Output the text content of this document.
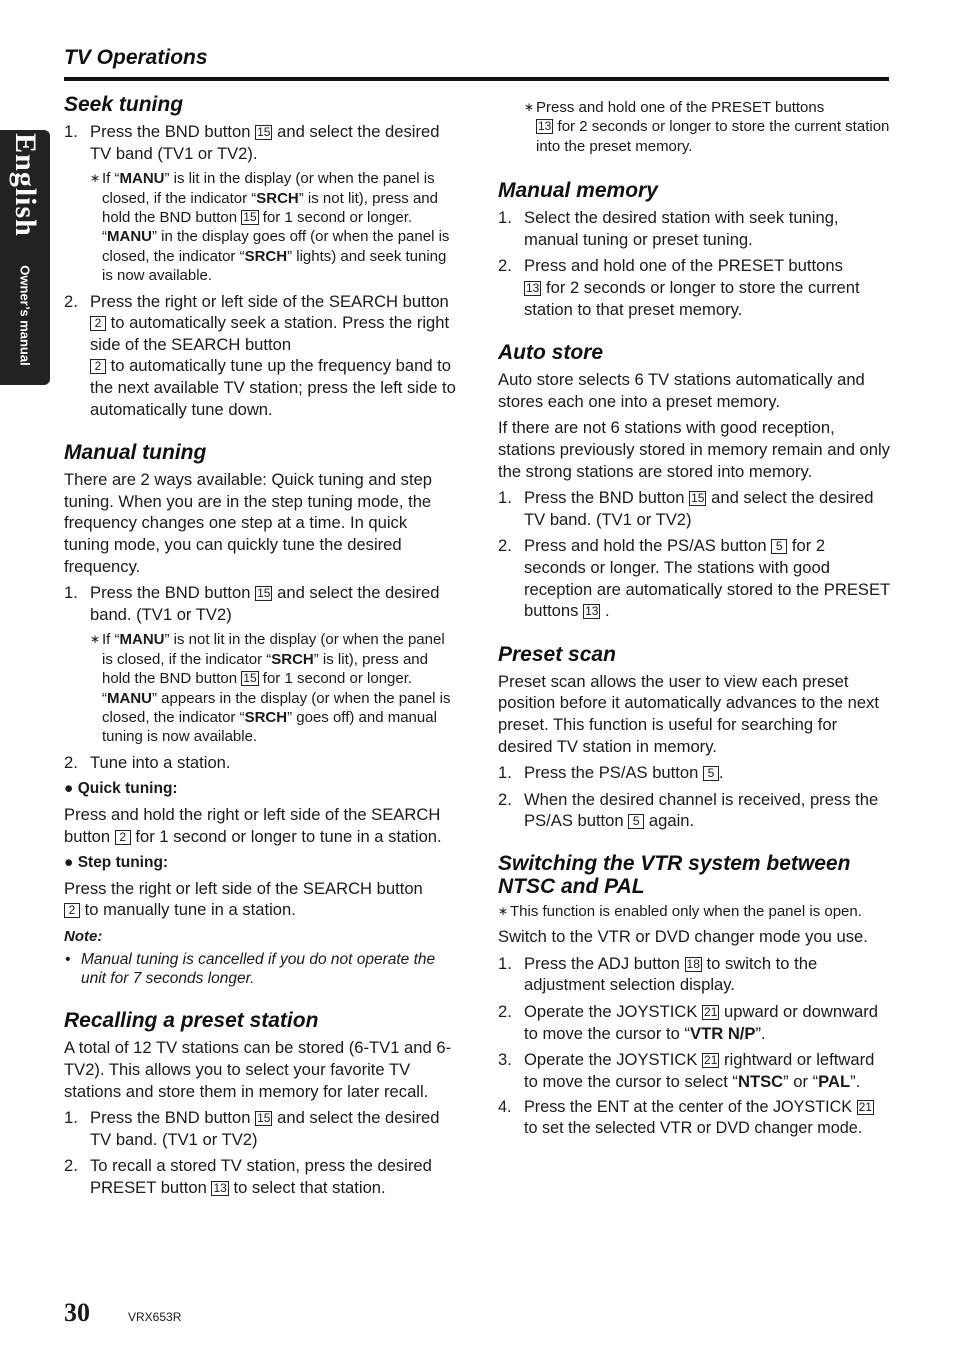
English
Owner’s manual
TV Operations
Seek tuning
1. Press the BND button 15 and select the desired TV band (TV1 or TV2).
∗ If “MANU” is lit in the display (or when the panel is closed, if the indicator “SRCH” is not lit), press and hold the BND button 15 for 1 second or longer. “MANU” in the display goes off (or when the panel is closed, the indicator “SRCH” lights) and seek tuning is now available.
2. Press the right or left side of the SEARCH button 2 to automatically seek a station. Press the right side of the SEARCH button
2 to automatically tune up the frequency band to the next available TV station; press the left side to automatically tune down.
Manual tuning

There are 2 ways available: Quick tuning and step tuning. When you are in the step tuning mode, the frequency changes one step at a time. In quick tuning mode, you can quickly tune the desired frequency.

1. Press the BND button 15 and select the desired band. (TV1 or TV2)
∗ If “MANU” is not lit in the display (or when the panel is closed, if the indicator “SRCH” is lit), press and hold the BND button 15 for 1 second or longer. “MANU” appears in the display (or when the panel is closed, the indicator “SRCH” goes off) and manual tuning is now available.
2. Tune into a station.
● Quick tuning:

Press and hold the right or left side of the SEARCH button 2 for 1 second or longer to tune in a station.

● Step tuning:

Press the right or left side of the SEARCH button
2 to manually tune in a station.

Note:
• Manual tuning is cancelled if you do not operate the unit for 7 seconds longer.
Recalling a preset station

A total of 12 TV stations can be stored (6-TV1 and 6-TV2). This allows you to select your favorite TV stations and store them in memory for later recall.

1. Press the BND button 15 and select the desired TV band. (TV1 or TV2)
2. To recall a stored TV station, press the desired PRESET button 13 to select that station.
∗ Press and hold one of the PRESET buttons
13 for 2 seconds or longer to store the current station into the preset memory.
Manual memory
1. Select the desired station with seek tuning, manual tuning or preset tuning.
2. Press and hold one of the PRESET buttons
13 for 2 seconds or longer to store the current station to that preset memory.
Auto store

Auto store selects 6 TV stations automatically and stores each one into a preset memory.

If there are not 6 stations with good reception, stations previously stored in memory remain and only the strong stations are stored into memory.

1. Press the BND button 15 and select the desired TV band. (TV1 or TV2)
2. Press and hold the PS/AS button 5 for 2 seconds or longer. The stations with good reception are automatically stored to the PRESET buttons 13 .
Preset scan

Preset scan allows the user to view each preset position before it automatically advances to the next preset. This function is useful for searching for desired TV station in memory.

1. Press the PS/AS button 5 .
2. When the desired channel is received, press the PS/AS button 5 again.
Switching the VTR system between NTSC and PAL
∗ This function is enabled only when the panel is open.

Switch to the VTR or DVD changer mode you use.

1. Press the ADJ button 18 to switch to the adjustment selection display.
2. Operate the JOYSTICK 21 upward or downward to move the cursor to “VTR N/P”.
3. Operate the JOYSTICK 21 rightward or leftward to move the cursor to select “NTSC” or “PAL”.
4. Press the ENT at the center of the JOYSTICK 21 to set the selected VTR or DVD changer mode.
30	VRX653R
